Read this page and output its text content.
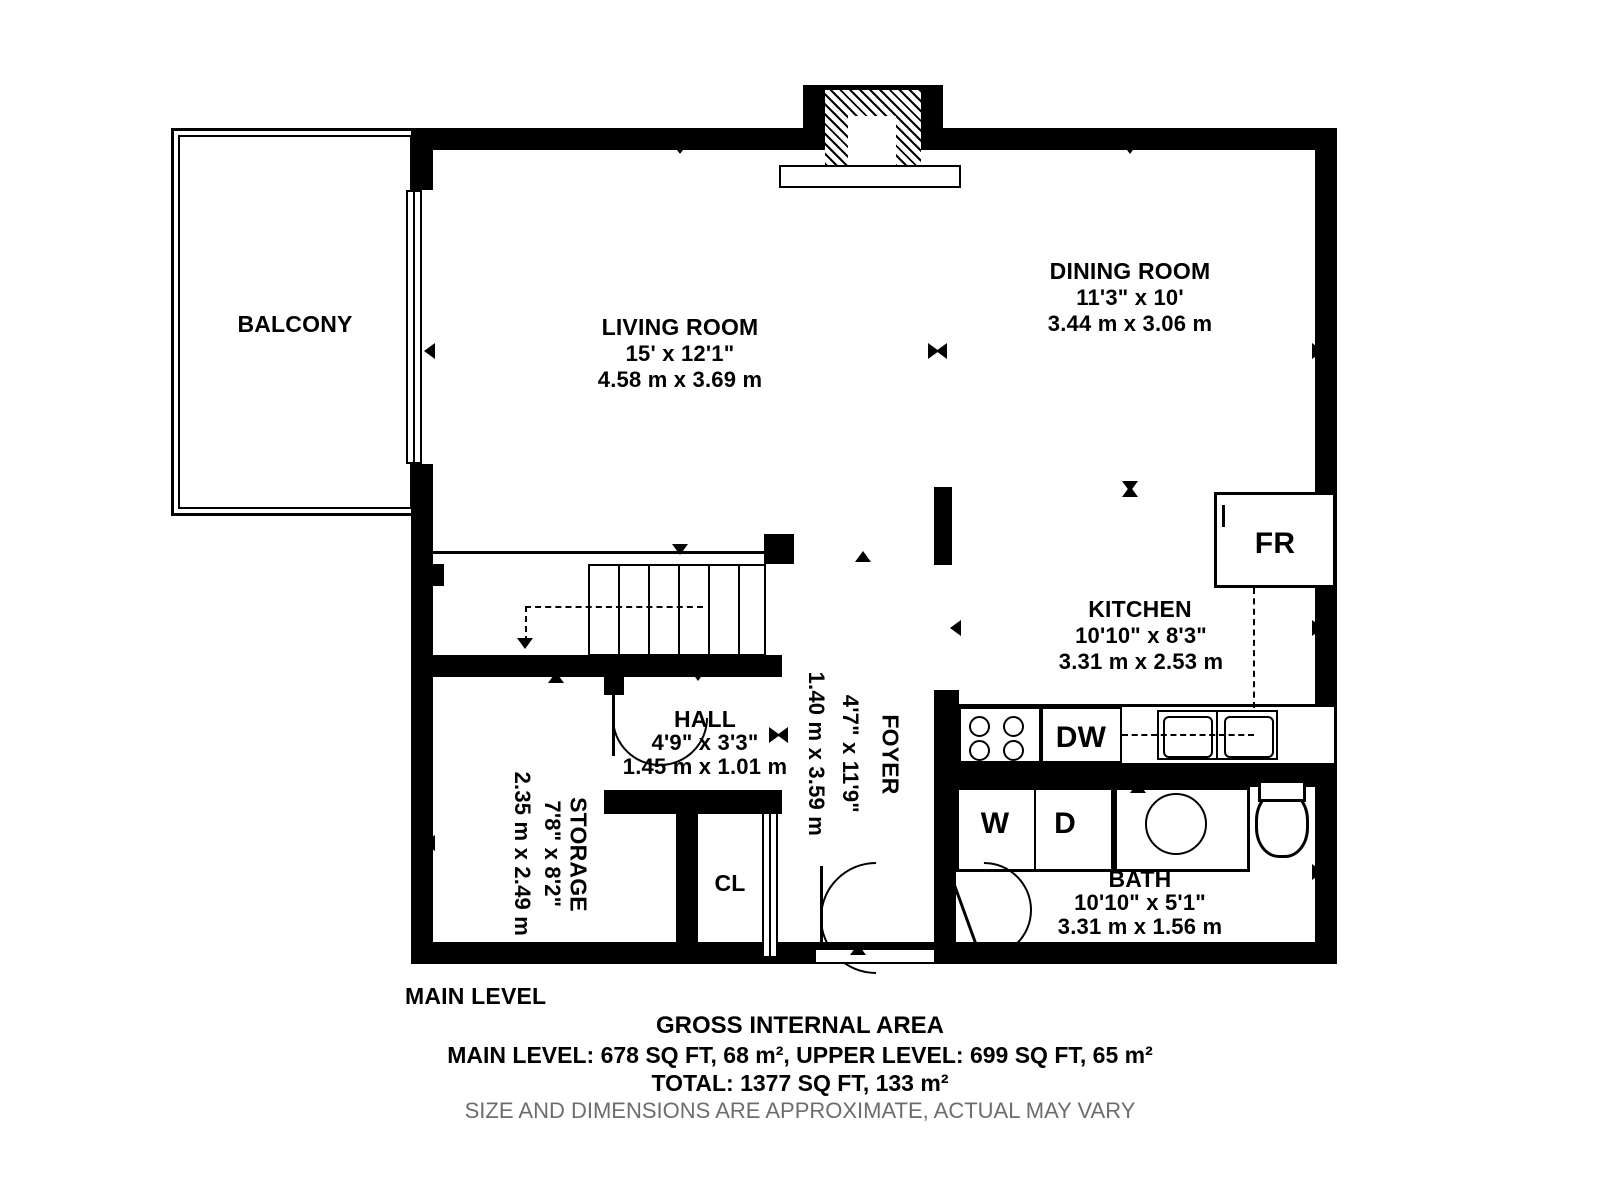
BALCONY	LIVING ROOM
15' x 12'1"
4.58 m x 3.69 m
DINING ROOM
11'3" x 10'
3.44 m x 3.06 m
KITCHEN
10'10" x 8'3"
3.31 m x 2.53 m
HALL
4'9" x 3'3"
1.45 m x 1.01 m	FOYER
4'7" x 11'9"
1.40 m x 3.59 m
STORAGE
7'8" x 8'2"
2.35 m x 2.49 m	BATH
10'10" x 5'1"
3.31 m x 1.56 m
FR
DW
W	D
CL
MAIN LEVEL
GROSS INTERNAL AREA
MAIN LEVEL: 678 SQ FT, 68 m², UPPER LEVEL: 699 SQ FT, 65 m²
TOTAL: 1377 SQ FT, 133 m²
SIZE AND DIMENSIONS ARE APPROXIMATE, ACTUAL MAY VARY
